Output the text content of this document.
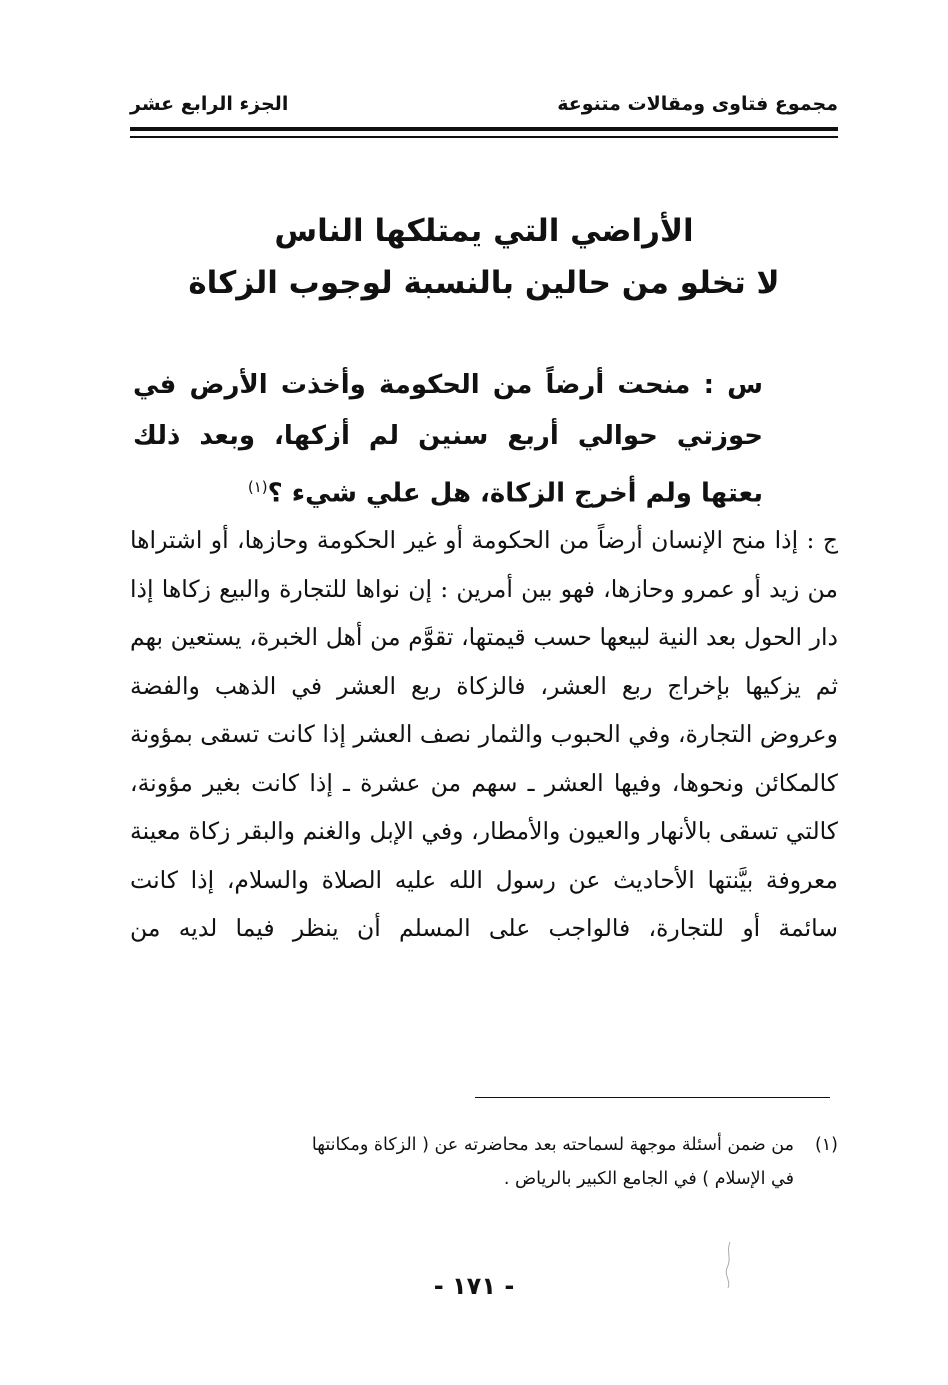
مجموع فتاوى ومقالات متنوعة
الجزء الرابع عشر
الأراضي التي يمتلكها الناس
لا تخلو من حالين بالنسبة لوجوب الزكاة
س : منحت أرضاً من الحكومة وأخذت الأرض في حوزتي حوالي أربع سنين لم أزكها، وبعد ذلك بعتها ولم أخرج الزكاة، هل علي شيء ؟$^{(١)}$
ج : إذا منح الإنسان أرضاً من الحكومة أو غير الحكومة وحازها، أو اشتراها من زيد أو عمرو وحازها، فهو بين أمرين : إن نواها للتجارة والبيع زكاها إذا دار الحول بعد النية لبيعها حسب قيمتها، تقوَّم من أهل الخبرة، يستعين بهم ثم يزكيها بإخراج ربع العشر، فالزكاة ربع العشر في الذهب والفضة وعروض التجارة، وفي الحبوب والثمار نصف العشر إذا كانت تسقى بمؤونة كالمكائن ونحوها، وفيها العشر ـ سهم من عشرة ـ إذا كانت بغير مؤونة، كالتي تسقى بالأنهار والعيون والأمطار، وفي الإبل والغنم والبقر زكاة معينة معروفة بيَّنتها الأحاديث عن رسول الله عليه الصلاة والسلام، إذا كانت سائمة أو للتجارة، فالواجب على المسلم أن ينظر فيما لديه من
(١)من ضمن أسئلة موجهة لسماحته بعد محاضرته عن ( الزكاة ومكانتها
في الإسلام ) في الجامع الكبير بالرياض .
- ١٧١ -
